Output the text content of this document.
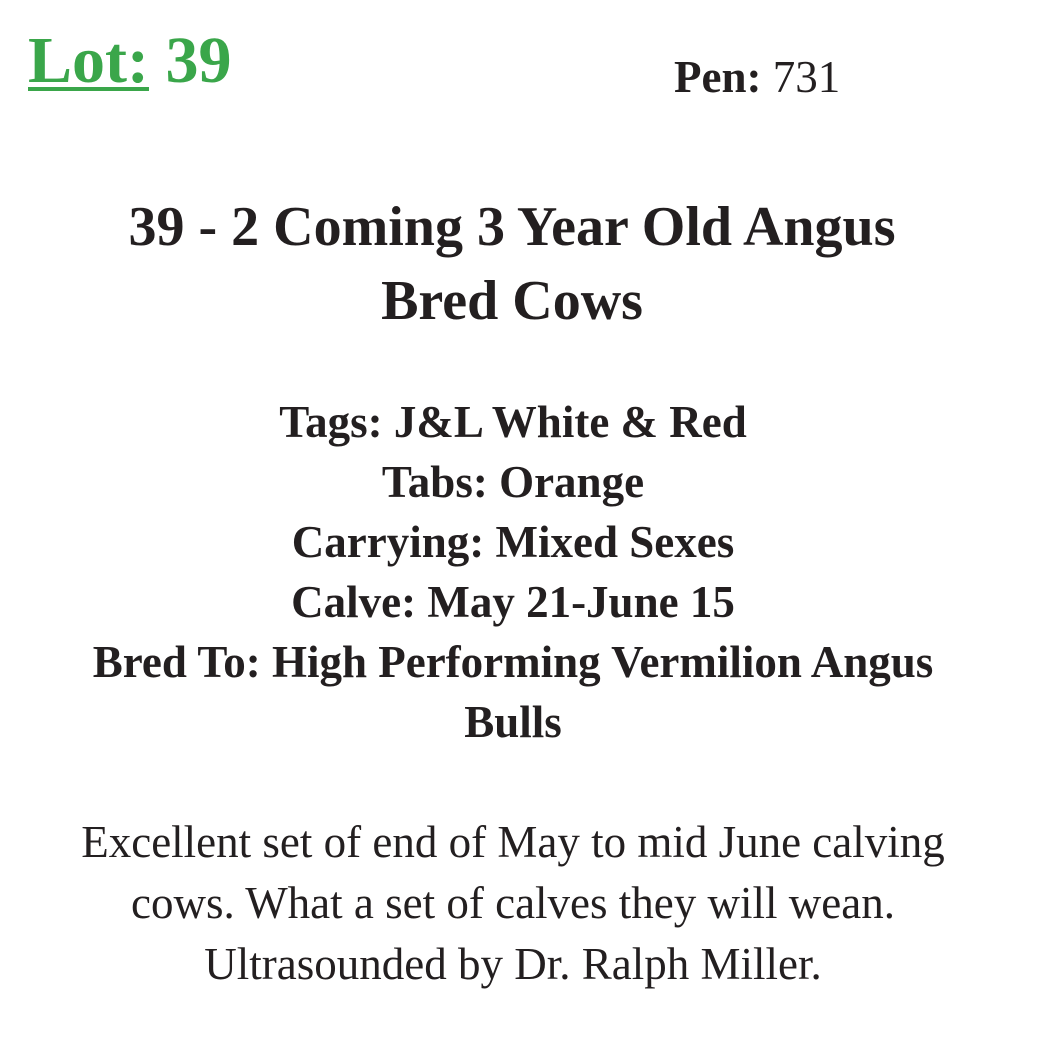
Lot: 39	Pen: 731
39 - 2 Coming 3 Year Old Angus
Bred Cows
Tags: J&L White & Red
Tabs: Orange
Carrying: Mixed Sexes
Calve: May 21-June 15
Bred To: High Performing Vermilion Angus
Bulls
Excellent set of end of May to mid June calving
cows. What a set of calves they will wean.
Ultrasounded by Dr. Ralph Miller.
